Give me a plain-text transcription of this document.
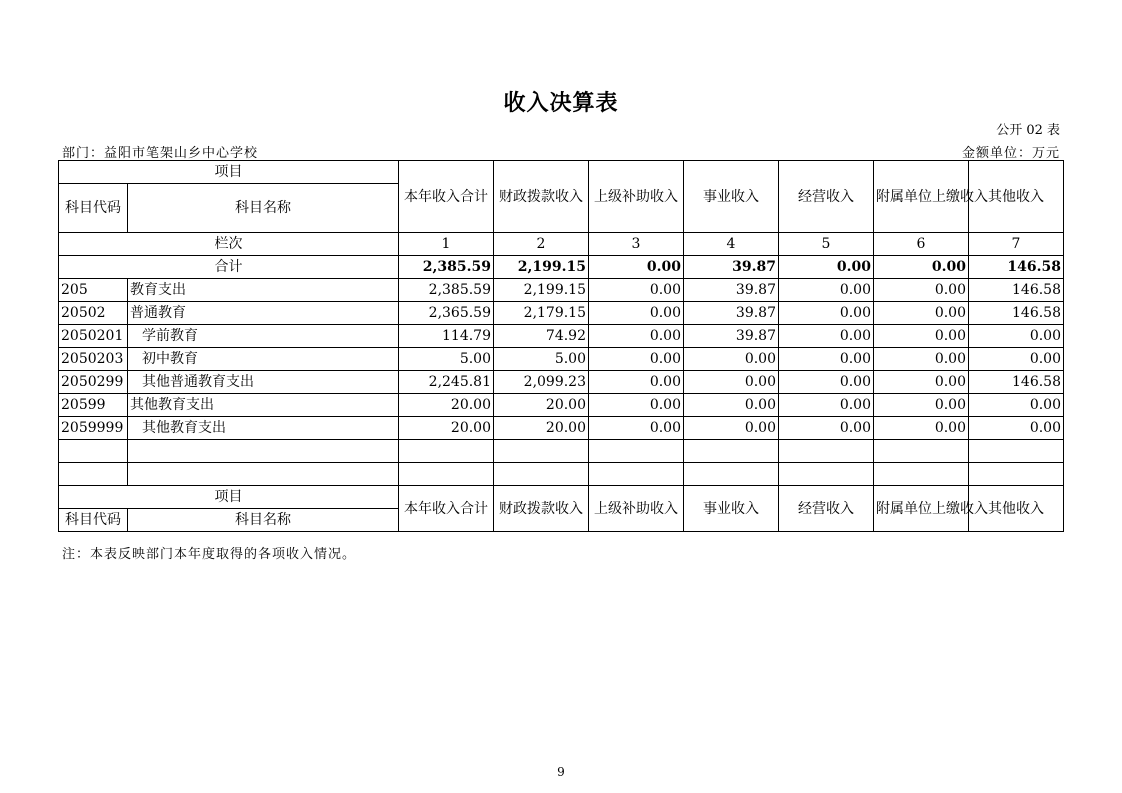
收入决算表
公开 02 表
部门：益阳市笔架山乡中心学校	金额单位：万元
项目		本年收入合计	财政拨款收入	上级补助收入	事业收入	经营收入	附属单位上缴收入	其他收入
科目代码	科目名称							

栏次		1	2	3	4	5	6	7
合计		2,385.59	2,199.15	0.00	39.87	0.00	0.00	146.58
205	教育支出	2,385.59	2,199.15	0.00	39.87	0.00	0.00	146.58
20502	普通教育	2,365.59	2,179.15	0.00	39.87	0.00	0.00	146.58
2050201	学前教育	114.79	74.92	0.00	39.87	0.00	0.00	0.00
2050203	初中教育	5.00	5.00	0.00	0.00	0.00	0.00	0.00
2050299	其他普通教育支出	2,245.81	2,099.23	0.00	0.00	0.00	0.00	146.58
20599	其他教育支出	20.00	20.00	0.00	0.00	0.00	0.00	0.00
2059999	其他教育支出	20.00	20.00	0.00	0.00	0.00	0.00	0.00

项目		本年收入合计	财政拨款收入	上级补助收入	事业收入	经营收入	附属单位上缴收入	其他收入
科目代码	科目名称							
注：本表反映部门本年度取得的各项收入情况。
9
